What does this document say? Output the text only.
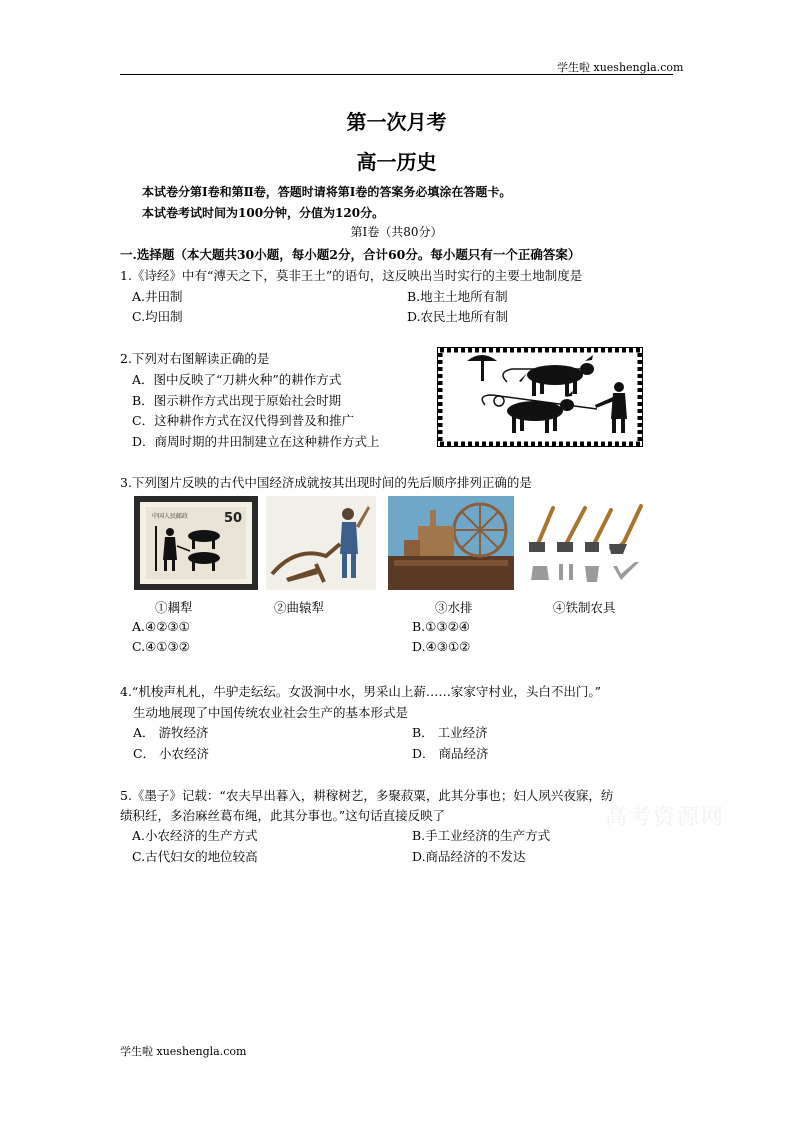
学生啦 xueshengla.com
第一次月考
高一历史
本试卷分第Ⅰ卷和第Ⅱ卷，答题时请将第Ⅰ卷的答案务必填涂在答题卡。
本试卷考试时间为100分钟，分值为120分。
第Ⅰ卷（共80分）
一.选择题（本大题共30小题，每小题2分，合计60分。每小题只有一个正确答案）
1.《诗经》中有“溥天之下，莫非王土”的语句，这反映出当时实行的主要土地制度是
A.井田制	B.地主土地所有制
C.均田制	D.农民土地所有制
2.下列对右图解读正确的是
A．图中反映了“刀耕火种”的耕作方式
B．图示耕作方式出现于原始社会时期
C．这种耕作方式在汉代得到普及和推广
D．商周时期的井田制建立在这种耕作方式上
3.下列图片反映的古代中国经济成就按其出现时间的先后顺序排列正确的是
中国人民邮政	50
①耦犁	②曲辕犁	③水排	④铁制农具
A.④②③①	B.①③②④
C.④①③②	D.④③①②
4.“机梭声札札，牛驴走纭纭。女汲涧中水，男采山上薪……家家守村业，头白不出门。”
生动地展现了中国传统农业社会生产的基本形式是
A． 游牧经济	B． 工业经济
C． 小农经济	D． 商品经济
5.《墨子》记载：“农夫早出暮入，耕稼树艺，多聚菽粟，此其分事也；妇人夙兴夜寐，纺
绩积纴，多治麻丝葛布绳，此其分事也。”这句话直接反映了
A.小农经济的生产方式	B.手工业经济的生产方式
C.古代妇女的地位较高	D.商品经济的不发达
高考资源网
学生啦 xueshengla.com
